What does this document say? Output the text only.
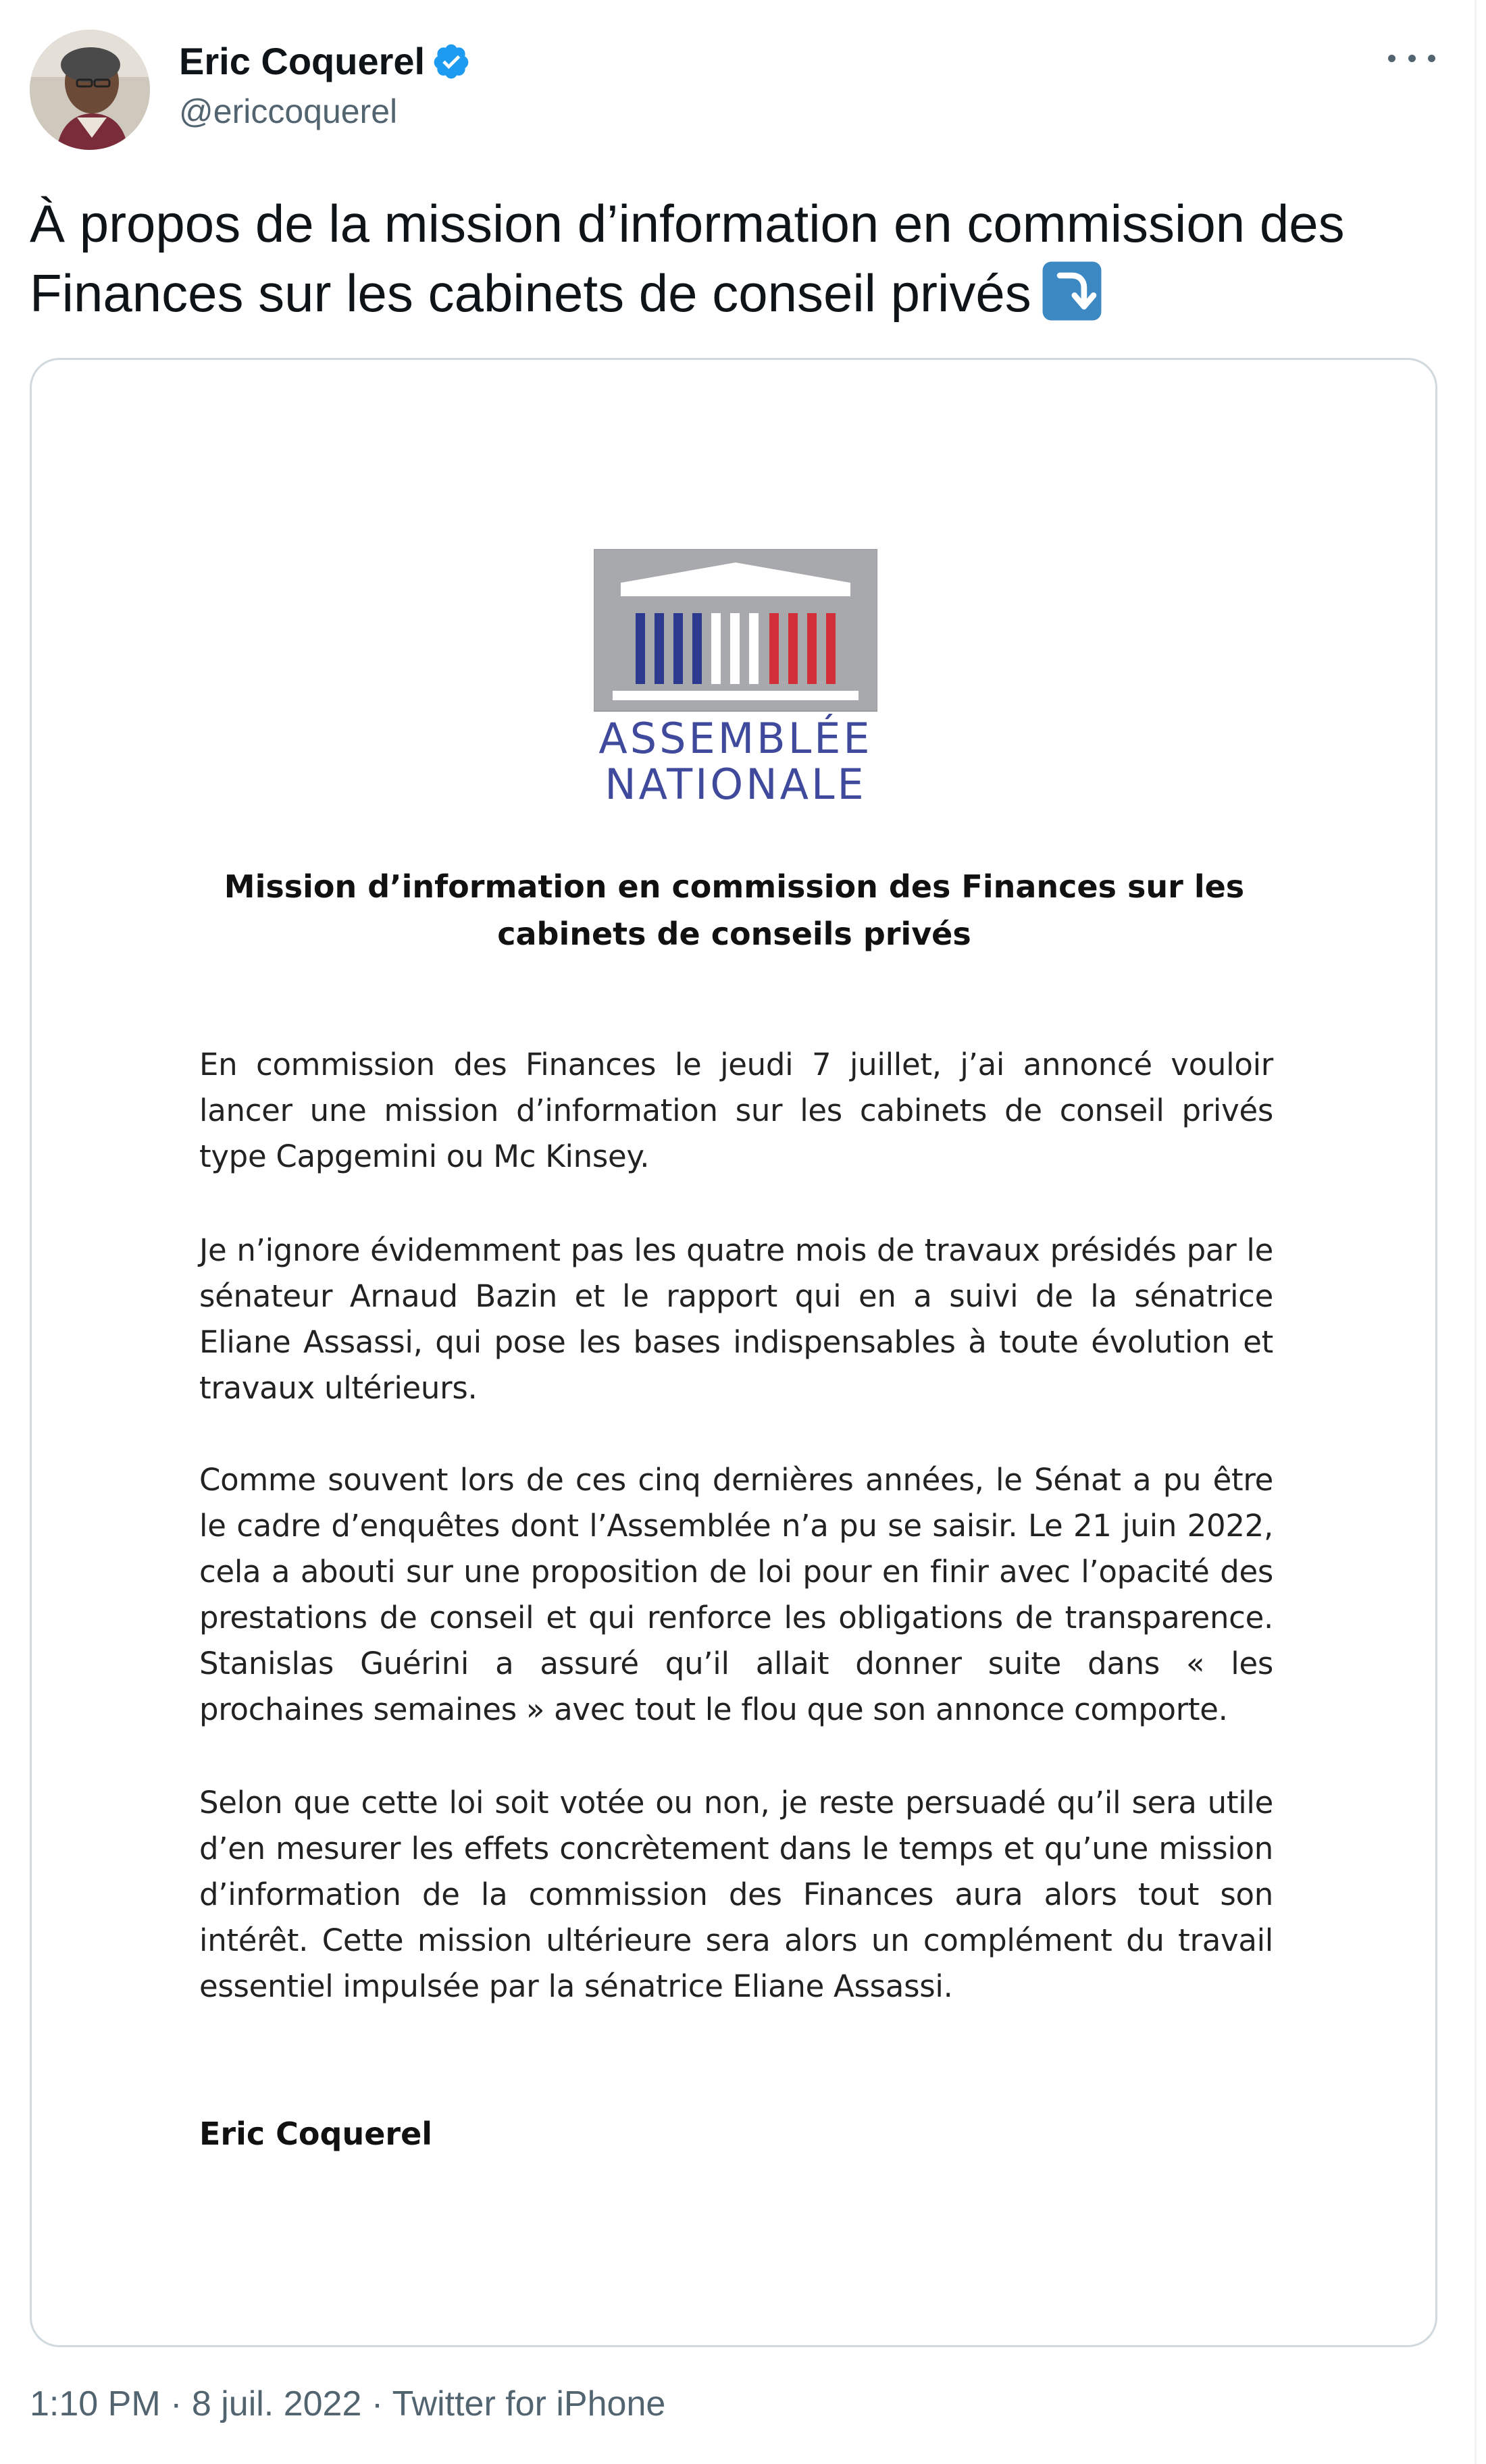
Eric Coquerel
@ericcoquerel
À propos de la mission d’information en commission des Finances sur les cabinets de conseil privés
ASSEMBLÉE
NATIONALE
Mission d’information en commission des Finances sur les cabinets de conseils privés
En commission des Finances le jeudi 7 juillet, j’ai annoncé vouloir lancer une mission d’information sur les cabinets de conseil privés type Capgemini ou Mc Kinsey.
Je n’ignore évidemment pas les quatre mois de travaux présidés par le sénateur Arnaud Bazin et le rapport qui en a suivi de la sénatrice Eliane Assassi, qui pose les bases indispensables à toute évolution et travaux ultérieurs.
Comme souvent lors de ces cinq dernières années, le Sénat a pu être le cadre d’enquêtes dont l’Assemblée n’a pu se saisir. Le 21 juin 2022, cela a abouti sur une proposition de loi pour en finir avec l’opacité des prestations de conseil et qui renforce les obligations de transparence. Stanislas Guérini a assuré qu’il allait donner suite dans « les prochaines semaines » avec tout le flou que son annonce comporte.
Selon que cette loi soit votée ou non, je reste persuadé qu’il sera utile d’en mesurer les effets concrètement dans le temps et qu’une mission d’information de la commission des Finances aura alors tout son intérêt. Cette mission ultérieure sera alors un complément du travail essentiel impulsée par la sénatrice Eliane Assassi.
Eric Coquerel
1:10 PM · 8 juil. 2022 · Twitter for iPhone
